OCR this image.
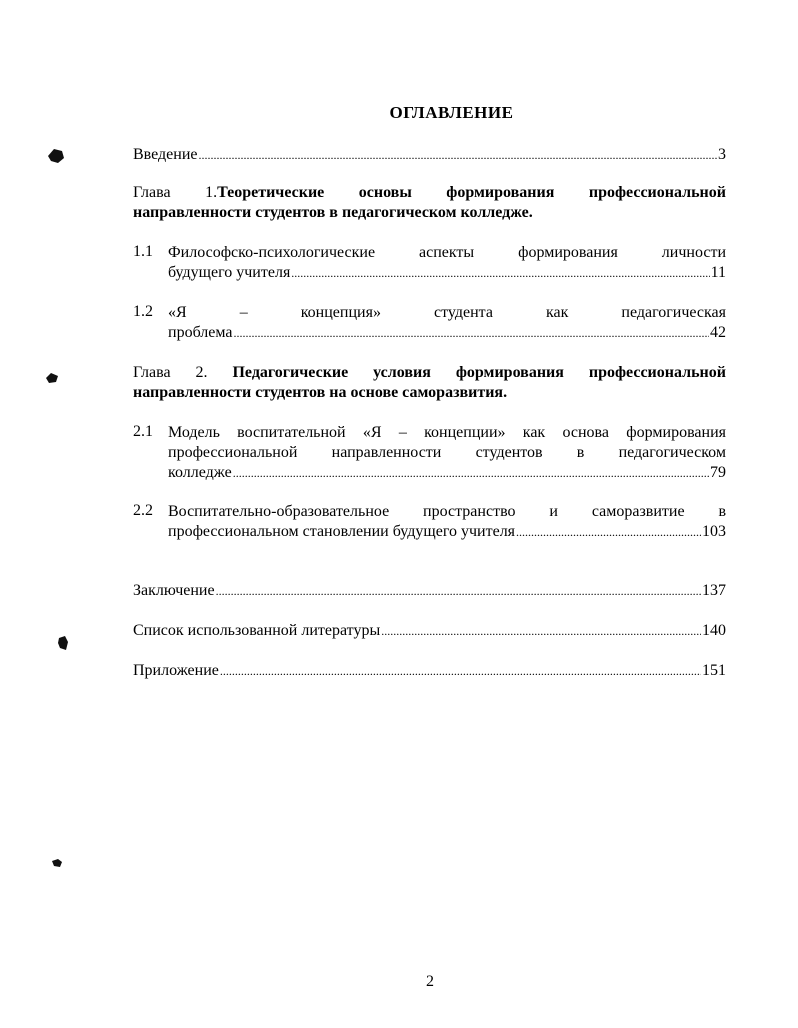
ОГЛАВЛЕНИЕ
Введение .....	3
Глава 1.Теоретические основы формирования профессиональной направленности студентов в педагогическом колледже.
1.1 Философско-психологические аспекты формирования личности
будущего учителя .....	11
1.2 «Я – концепция» студента как педагогическая
проблема .....	42
Глава 2. Педагогические условия формирования профессиональной направленности студентов на основе саморазвития.
2.1 Модель воспитательной «Я – концепции» как основа формирования
профессиональной направленности студентов в педагогическом
колледже .....	79
2.2 Воспитательно-образовательное пространство и саморазвитие в
профессиональном становлении будущего учителя .....	103
Заключение .....	137
Список использованной литературы .....	140
Приложение .....	151
2
